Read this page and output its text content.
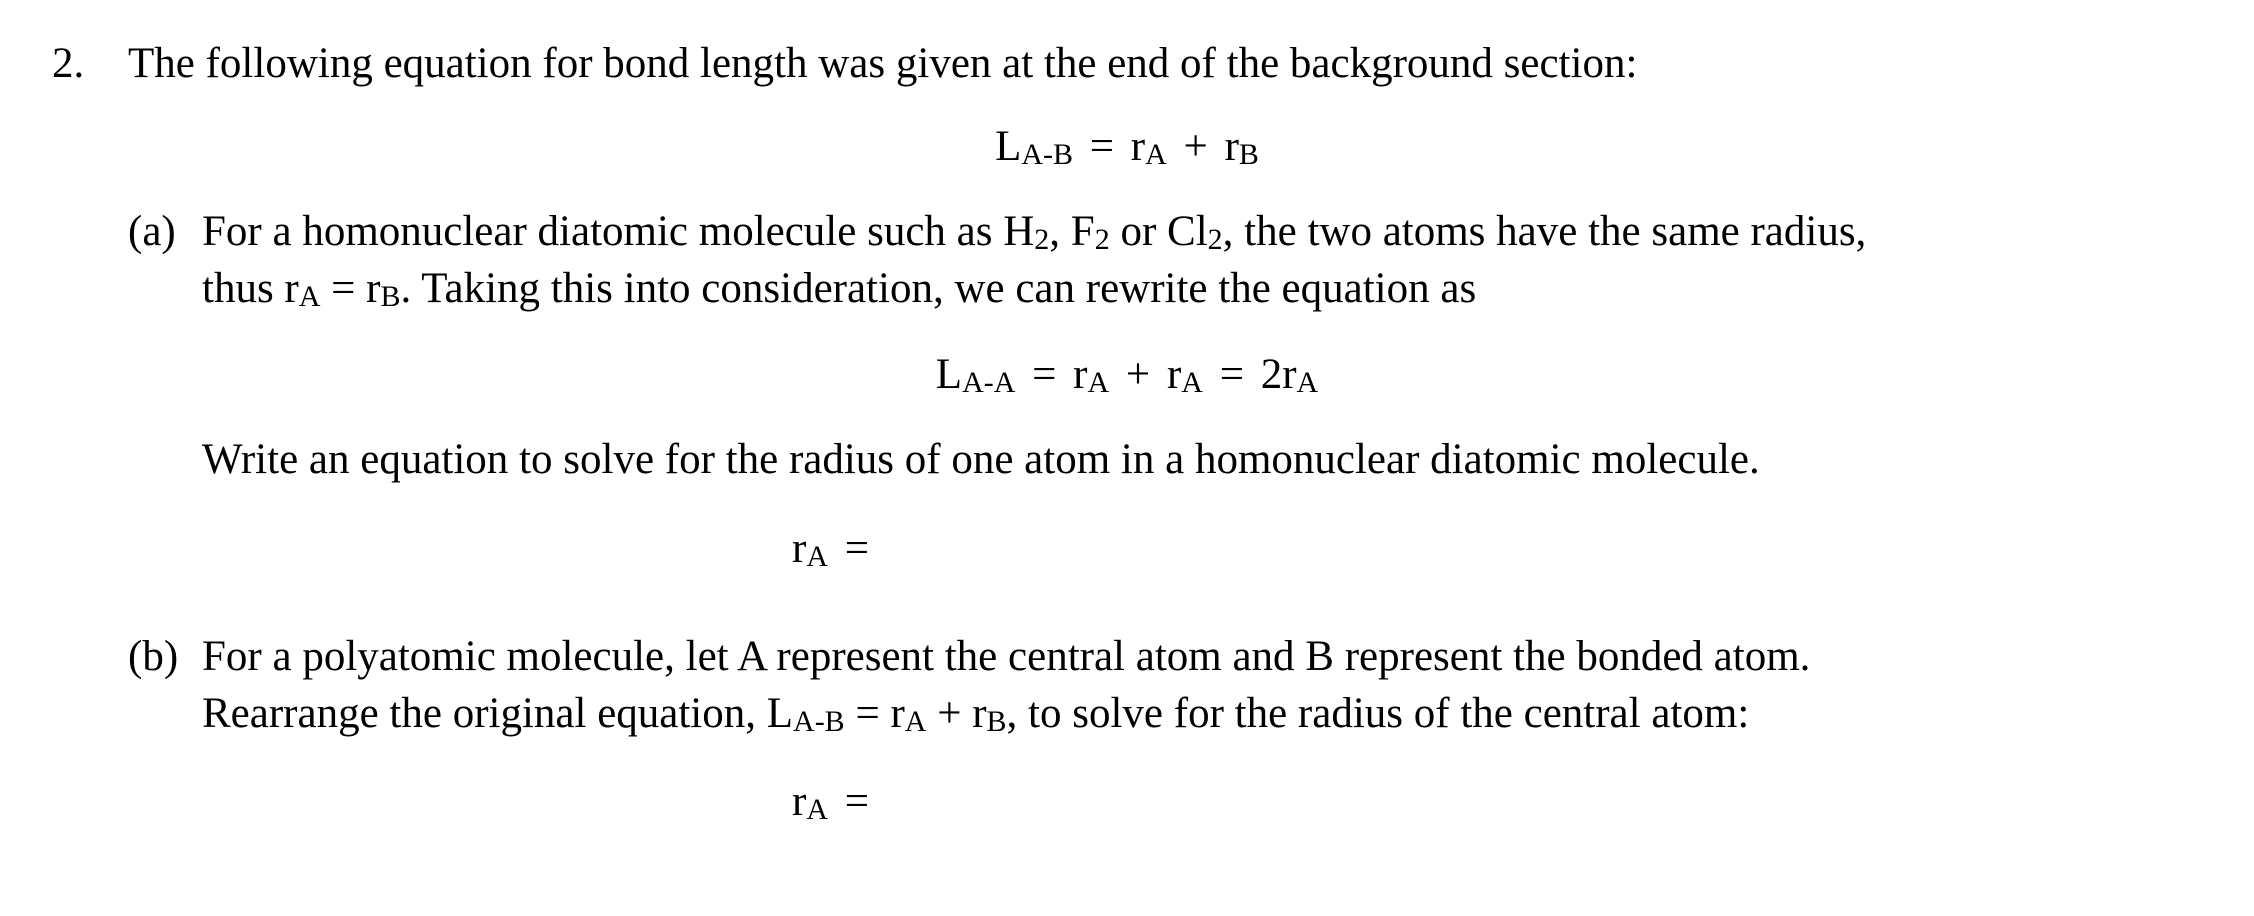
2. The following equation for bond length was given at the end of the background section:
LA-B = rA + rB
(a) For a homonuclear diatomic molecule such as H2, F2 or Cl2, the two atoms have the same radius,
thus rA = rB. Taking this into consideration, we can rewrite the equation as
LA-A = rA + rA = 2rA
Write an equation to solve for the radius of one atom in a homonuclear diatomic molecule.
rA =
(b) For a polyatomic molecule, let A represent the central atom and B represent the bonded atom.
Rearrange the original equation, LA-B = rA + rB, to solve for the radius of the central atom:
rA =
